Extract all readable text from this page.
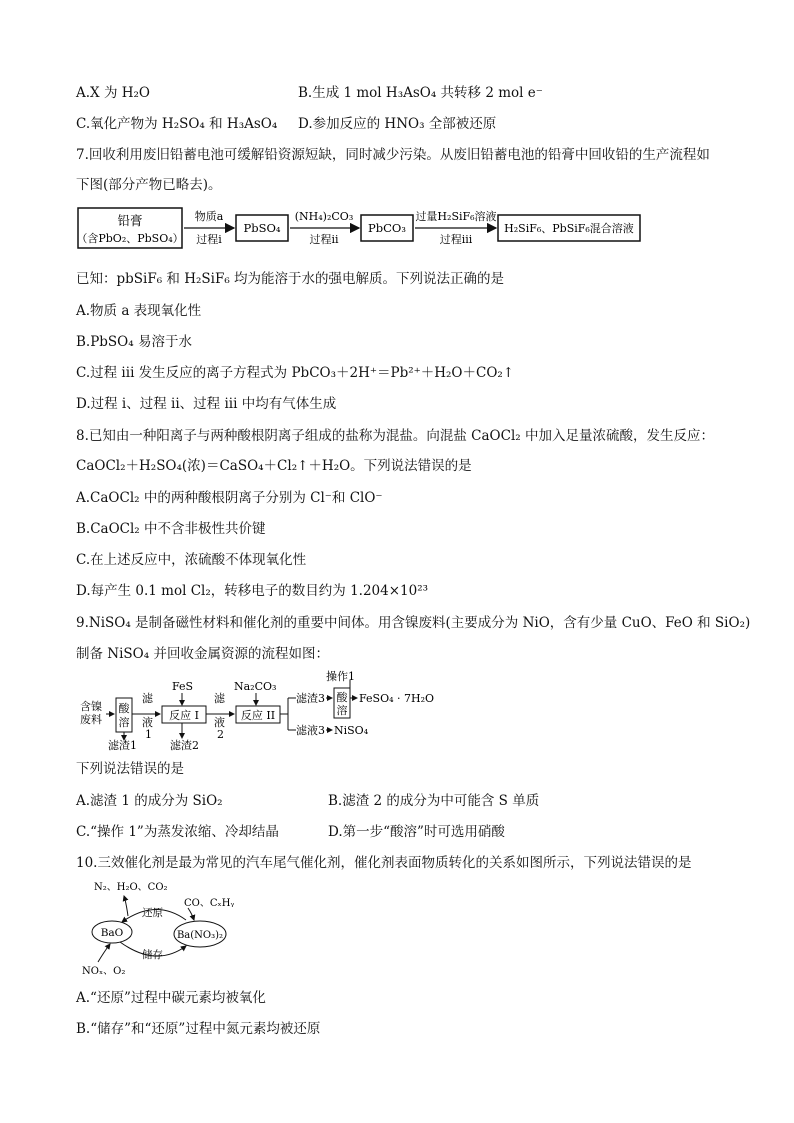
A.X 为 H₂O	B.生成 1 mol H₃AsO₄ 共转移 2 mol e⁻
C.氧化产物为 H₂SO₄ 和 H₃AsO₄ D.参加反应的 HNO₃ 全部被还原
7.回收利用废旧铅蓄电池可缓解铅资源短缺，同时减少污染。从废旧铅蓄电池的铅膏中回收铅的生产流程如
下图(部分产物已略去)。
铅膏
（含PbO₂、PbSO₄）
物质a
过程i
PbSO₄
(NH₄)₂CO₃
过程ii
PbCO₃
过量H₂SiF₆溶液
过程iii
H₂SiF₆、PbSiF₆混合溶液
已知：pbSiF₆ 和 H₂SiF₆ 均为能溶于水的强电解质。下列说法正确的是
A.物质 a 表现氧化性
B.PbSO₄ 易溶于水
C.过程 iii 发生反应的离子方程式为 PbCO₃＋2H⁺＝Pb²⁺＋H₂O＋CO₂↑
D.过程 i、过程 ii、过程 iii 中均有气体生成
8.已知由一种阳离子与两种酸根阴离子组成的盐称为混盐。向混盐 CaOCl₂ 中加入足量浓硫酸，发生反应：
CaOCl₂＋H₂SO₄(浓)＝CaSO₄＋Cl₂↑＋H₂O。下列说法错误的是
A.CaOCl₂ 中的两种酸根阴离子分别为 Cl⁻和 ClO⁻
B.CaOCl₂ 中不含非极性共价键
C.在上述反应中，浓硫酸不体现氧化性
D.每产生 0.1 mol Cl₂，转移电子的数目约为 1.204×10²³
9.NiSO₄ 是制备磁性材料和催化剂的重要中间体。用含镍废料(主要成分为 NiO，含有少量 CuO、FeO 和 SiO₂)
制备 NiSO₄ 并回收金属资源的流程如图：
含镍
废料
酸
溶
滤渣1
滤
液
1
FeS
反应 I
滤渣2
滤
液
2
Na₂CO₃
反应 II
滤渣3
操作1
酸
溶
FeSO₄ · 7H₂O
滤液3 NiSO₄
下列说法错误的是
A.滤渣 1 的成分为 SiO₂	B.滤渣 2 的成分为中可能含 S 单质
C.“操作 1”为蒸发浓缩、冷却结晶	D.第一步“酸溶”时可选用硝酸
10.三效催化剂是最为常见的汽车尾气催化剂，催化剂表面物质转化的关系如图所示，下列说法错误的是
N₂、H₂O、CO₂
CO、CₓHᵧ
还原
BaO	Ba(NO₃)₂
储存
NOₓ、O₂
A.“还原”过程中碳元素均被氧化
B.“储存”和“还原”过程中氮元素均被还原
